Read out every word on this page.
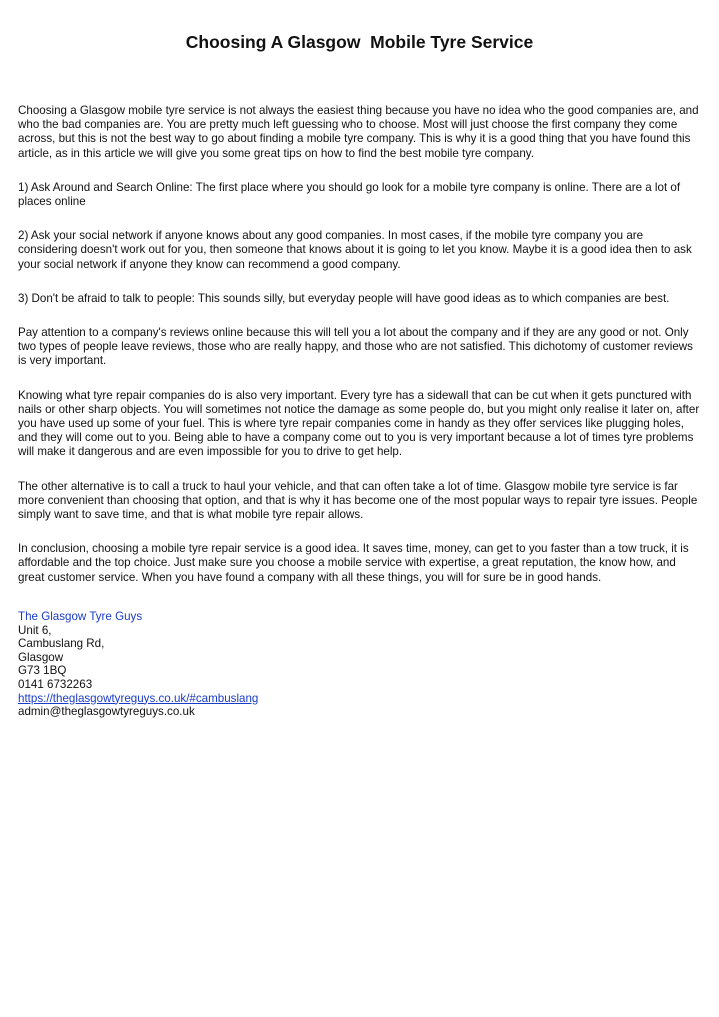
Choosing A Glasgow  Mobile Tyre Service

Choosing a Glasgow mobile tyre service is not always the easiest thing because you have no idea who the good companies are, and who the bad companies are. You are pretty much left guessing who to choose. Most will just choose the first company they come across, but this is not the best way to go about finding a mobile tyre company. This is why it is a good thing that you have found this article, as in this article we will give you some great tips on how to find the best mobile tyre company.

1) Ask Around and Search Online: The first place where you should go look for a mobile tyre company is online. There are a lot of places online

2) Ask your social network if anyone knows about any good companies. In most cases, if the mobile tyre company you are considering doesn't work out for you, then someone that knows about it is going to let you know. Maybe it is a good idea then to ask your social network if anyone they know can recommend a good company.

3) Don't be afraid to talk to people: This sounds silly, but everyday people will have good ideas as to which companies are best.

Pay attention to a company's reviews online because this will tell you a lot about the company and if they are any good or not. Only two types of people leave reviews, those who are really happy, and those who are not satisfied. This dichotomy of customer reviews is very important.

Knowing what tyre repair companies do is also very important. Every tyre has a sidewall that can be cut when it gets punctured with nails or other sharp objects. You will sometimes not notice the damage as some people do, but you might only realise it later on, after you have used up some of your fuel. This is where tyre repair companies come in handy as they offer services like plugging holes, and they will come out to you. Being able to have a company come out to you is very important because a lot of times tyre problems will make it dangerous and are even impossible for you to drive to get help.

The other alternative is to call a truck to haul your vehicle, and that can often take a lot of time. Glasgow mobile tyre service is far more convenient than choosing that option, and that is why it has become one of the most popular ways to repair tyre issues. People simply want to save time, and that is what mobile tyre repair allows.

In conclusion, choosing a mobile tyre repair service is a good idea. It saves time, money, can get to you faster than a tow truck, it is affordable and the top choice. Just make sure you choose a mobile service with expertise, a great reputation, the know how, and great customer service. When you have found a company with all these things, you will for sure be in good hands.

The Glasgow Tyre Guys
Unit 6,
Cambuslang Rd,
Glasgow
G73 1BQ
0141 6732263
https://theglasgowtyreguys.co.uk/#cambuslang
admin@theglasgowtyreguys.co.uk
